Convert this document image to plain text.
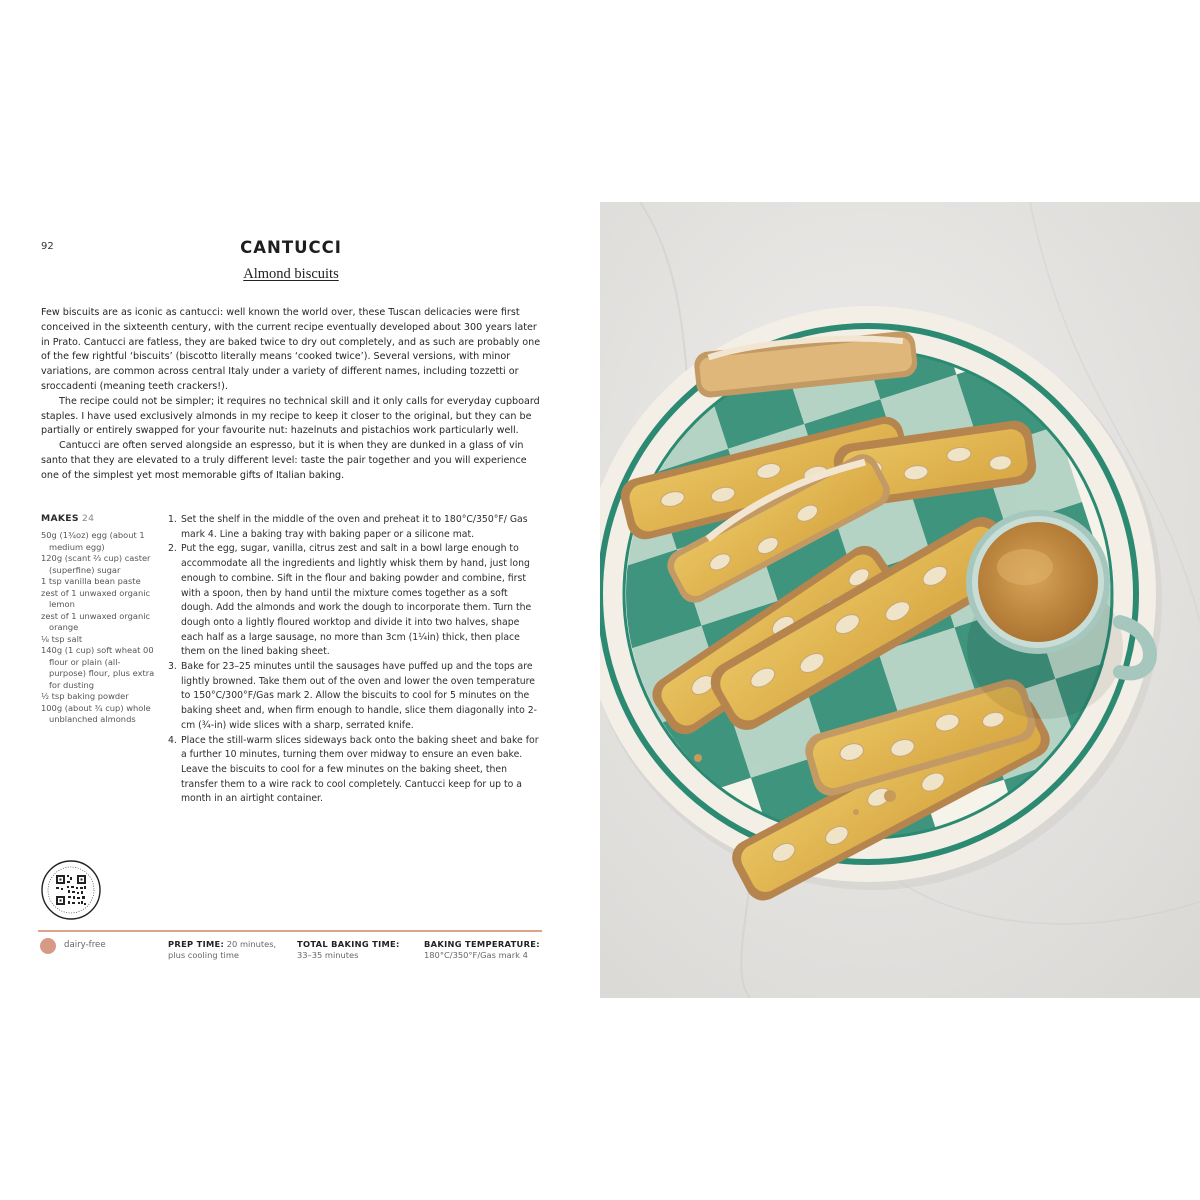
92	CANTUCCI
Almond biscuits

Few biscuits are as iconic as cantucci: well known the world over, these Tuscan delicacies were first conceived in the sixteenth century, with the current recipe eventually developed about 300 years later in Prato. Cantucci are fatless, they are baked twice to dry out completely, and as such are probably one of the few rightful ‘biscuits’ (biscotto literally means ‘cooked twice’). Several versions, with minor variations, are common across central Italy under a variety of different names, including tozzetti or sroccadenti (meaning teeth crackers!).

The recipe could not be simpler; it requires no technical skill and it only calls for everyday cupboard staples. I have used exclusively almonds in my recipe to keep it closer to the original, but they can be partially or entirely swapped for your favourite nut: hazelnuts and pistachios work particularly well.

Cantucci are often served alongside an espresso, but it is when they are dunked in a glass of vin santo that they are elevated to a truly different level: taste the pair together and you will experience one of the simplest yet most memorable gifts of Italian baking.

MAKES 24
50g (1¾oz) egg (about 1 medium egg)
120g (scant ⅔ cup) caster (superfine) sugar
1 tsp vanilla bean paste
zest of 1 unwaxed organic lemon
zest of 1 unwaxed organic orange
⅛ tsp salt
140g (1 cup) soft wheat 00 flour or plain (all-purpose) flour, plus extra for dusting
½ tsp baking powder
100g (about ¾ cup) whole unblanched almonds
1. Set the shelf in the middle of the oven and preheat it to 180°C/350°F/ Gas mark 4. Line a baking tray with baking paper or a silicone mat.
2. Put the egg, sugar, vanilla, citrus zest and salt in a bowl large enough to accommodate all the ingredients and lightly whisk them by hand, just long enough to combine. Sift in the flour and baking powder and combine, first with a spoon, then by hand until the mixture comes together as a soft dough. Add the almonds and work the dough to incorporate them. Turn the dough onto a lightly floured worktop and divide it into two halves, shape each half as a large sausage, no more than 3cm (1¼in) thick, then place them on the lined baking sheet.
3. Bake for 23–25 minutes until the sausages have puffed up and the tops are lightly browned. Take them out of the oven and lower the oven temperature to 150°C/300°F/Gas mark 2. Allow the biscuits to cool for 5 minutes on the baking sheet and, when firm enough to handle, slice them diagonally into 2-cm (¾-in) wide slices with a sharp, serrated knife.
4. Place the still-warm slices sideways back onto the baking sheet and bake for a further 10 minutes, turning them over midway to ensure an even bake. Leave the biscuits to cool for a few minutes on the baking sheet, then transfer them to a wire rack to cool completely. Cantucci keep for up to a month in an airtight container.
dairy-free	PREP TIME: 20 minutes,
plus cooling time
TOTAL BAKING TIME:
33–35 minutes
BAKING TEMPERATURE:
180°C/350°F/Gas mark 4
